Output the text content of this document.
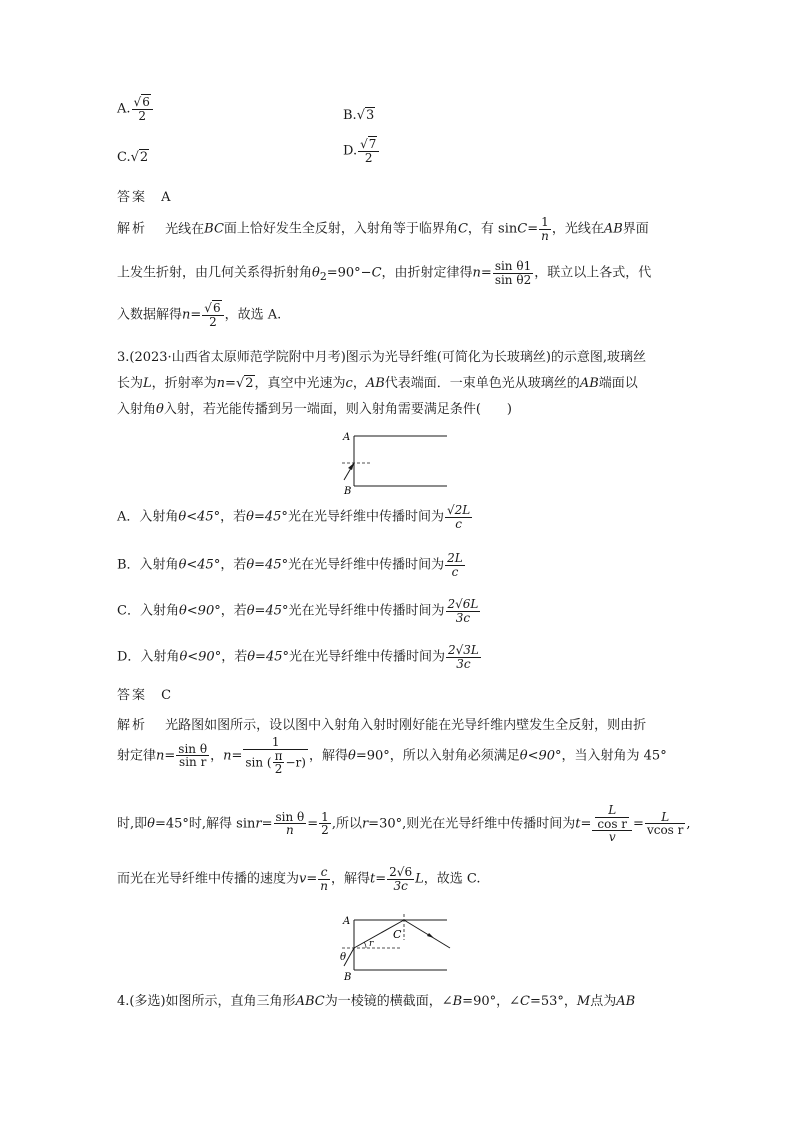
A. $\frac{√6}{2}$	B.√3
C.√2	D. $\frac{√7}{2}$
答案 A
解析 光线在BC面上恰好发生全反射，入射角等于临界角C，有 $\sin C= \frac{1}{n}$ ，光线在AB界面
上发生折射，由几何关系得折射角$\theta_2=90^\circ-C$，由折射定律得$n= \frac{\text{sin θ1}}{\text{sin θ2}}$ ，联立以上各式，代
入数据解得$n= \frac{√6}{2}$ ，故选 A.
3.(2023·山西省太原师范学院附中月考)图示为光导纤维(可简化为长玻璃丝)的示意图,玻璃丝
长为L，折射率为n=√2，真空中光速为c，AB代表端面．一束单色光从玻璃丝的AB端面以
入射角θ入射，若光能传播到另一端面，则入射角需要满足条件(　　)
A
B
A．入射角θ<45°，若θ=45°光在光导纤维中传播时间为 $\frac{√2L}{c}$
B．入射角θ<45°，若θ=45°光在光导纤维中传播时间为 $\frac{2L}{c}$
C．入射角θ<90°，若θ=45°光在光导纤维中传播时间为 $\frac{2√6L}{3c}$
D．入射角θ<90°，若θ=45°光在光导纤维中传播时间为 $\frac{2√3L}{3c}$
答案 C
解析 光路图如图所示，设以图中入射角入射时刚好能在光导纤维内壁发生全反射，则由折
射定律$n= \frac{\text{sin θ}}{\text{sin r}}$ ，$n= \frac{1}{\sin ( \frac{\pi}{2} -r)}$ ，解得θ=90°，所以入射角必须满足θ<90°，当入射角为 45°
时,即θ=45°时,解得 $\sin r= \frac{\text{sin θ}}{n} = \frac{1}{2}$ ,所以r=30°,则光在光导纤维中传播时间为$t= \frac{\frac{L}{\text{cos r}}}{v} = \frac{L}{\text{vcos r}}$ ,
而光在光导纤维中传播的速度为$v= \frac{c}{n}$ ，解得$t= \frac{2√6}{3c}$ L，故选 C.
A
B
C
θ
r
4.(多选)如图所示，直角三角形ABC为一棱镜的横截面，∠B=90°，∠C=53°，M点为AB
